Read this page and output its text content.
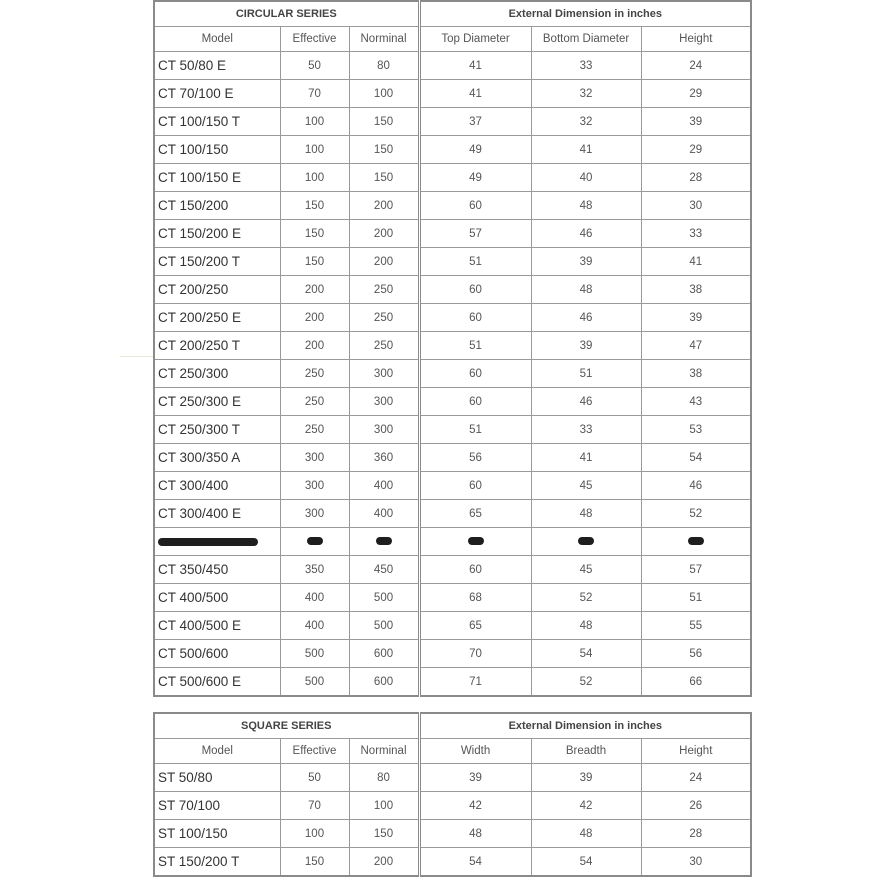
CIRCULAR SERIES			External Dimension in inches		
Model	Effective	Norminal	Top Diameter	Bottom Diameter	Height
CT 50/80 E	50	80	41	33	24
CT 70/100 E	70	100	41	32	29
CT 100/150 T	100	150	37	32	39
CT 100/150	100	150	49	41	29
CT 100/150 E	100	150	49	40	28
CT 150/200	150	200	60	48	30
CT 150/200 E	150	200	57	46	33
CT 150/200 T	150	200	51	39	41
CT 200/250	200	250	60	48	38
CT 200/250 E	200	250	60	46	39
CT 200/250 T	200	250	51	39	47
CT 250/300	250	300	60	51	38
CT 250/300 E	250	300	60	46	43
CT 250/300 T	250	300	51	33	53
CT 300/350 A	300	360	56	41	54
CT 300/400	300	400	60	45	46
CT 300/400 E	300	400	65	48	52

CT 350/450	350	450	60	45	57
CT 400/500	400	500	68	52	51
CT 400/500 E	400	500	65	48	55
CT 500/600	500	600	70	54	56
CT 500/600 E	500	600	71	52	66
SQUARE SERIES			External Dimension in inches		
Model	Effective	Norminal	Width	Breadth	Height
ST 50/80	50	80	39	39	24
ST 70/100	70	100	42	42	26
ST 100/150	100	150	48	48	28
ST 150/200 T	150	200	54	54	30
